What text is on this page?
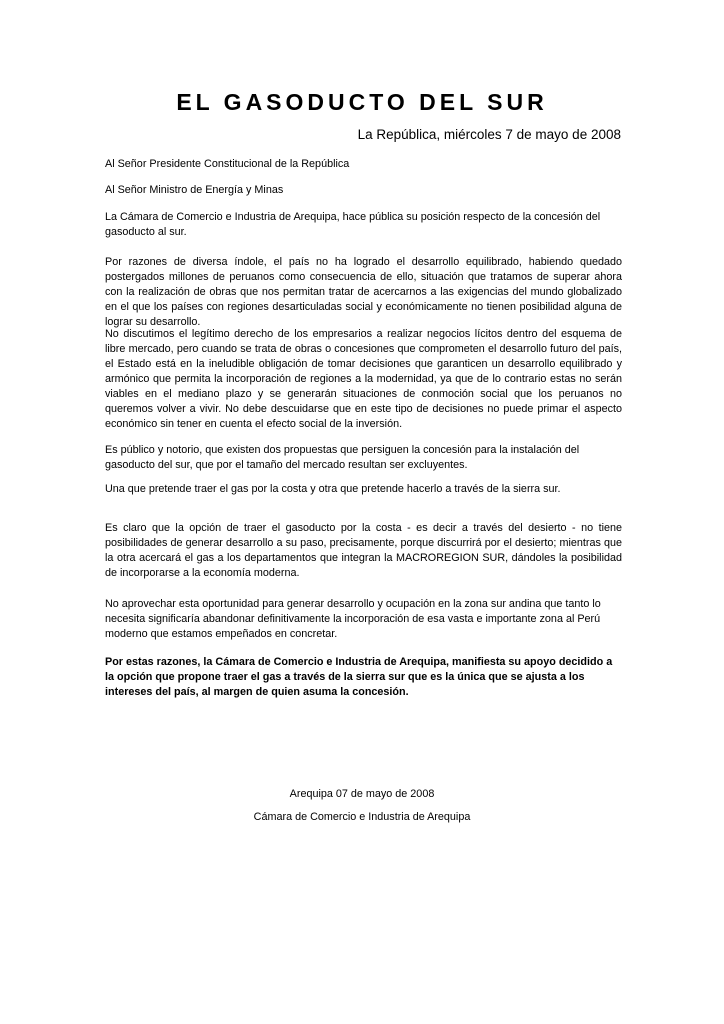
EL GASODUCTO DEL SUR
La República, miércoles 7 de mayo de 2008
Al Señor Presidente Constitucional de la República
Al Señor Ministro de Energía y Minas
La Cámara de Comercio e Industria de Arequipa, hace pública su posición respecto de la concesión del gasoducto al sur.
Por razones de diversa índole, el país no ha logrado el desarrollo equilibrado, habiendo quedado postergados millones de peruanos como consecuencia de ello, situación que tratamos de superar ahora con la realización de obras que nos permitan tratar de acercarnos a las exigencias del mundo globalizado en el que los países con regiones desarticuladas social y económicamente no tienen posibilidad alguna de lograr su desarrollo.
No discutimos el legítimo derecho de los empresarios a realizar negocios lícitos dentro del esquema de libre mercado, pero cuando se trata de obras o concesiones que comprometen el desarrollo futuro del país, el Estado está en la ineludible obligación de tomar decisiones que garanticen un desarrollo equilibrado y armónico que permita la incorporación de regiones a la modernidad, ya que de lo contrario estas no serán viables en el mediano plazo y se generarán situaciones de conmoción social que los peruanos no queremos volver a vivir. No debe descuidarse que en este tipo de decisiones no puede primar el aspecto económico sin tener en cuenta el efecto social de la inversión.
Es público y notorio, que existen dos propuestas que persiguen la concesión para la instalación del gasoducto del sur, que por el tamaño del mercado resultan ser excluyentes.
Una que pretende traer el gas por la costa y otra que pretende hacerlo a través de la sierra sur.
Es claro que la opción de traer el gasoducto por la costa - es decir a través del desierto - no tiene posibilidades de generar desarrollo a su paso, precisamente, porque discurrirá por el desierto; mientras que la otra acercará el gas a los departamentos que integran la MACROREGION SUR, dándoles la posibilidad de incorporarse a la economía moderna.
No aprovechar esta oportunidad para generar desarrollo y ocupación en la zona sur andina que tanto lo necesita significaría abandonar definitivamente la incorporación de esa vasta e importante zona al Perú moderno que estamos empeñados en concretar.
Por estas razones, la Cámara de Comercio e Industria de Arequipa, manifiesta su apoyo decidido a la opción que propone traer el gas a través de la sierra sur que es la única que se ajusta a los intereses del país, al margen de quien asuma la concesión.
Arequipa 07 de mayo de 2008
Cámara de Comercio e Industria de Arequipa
